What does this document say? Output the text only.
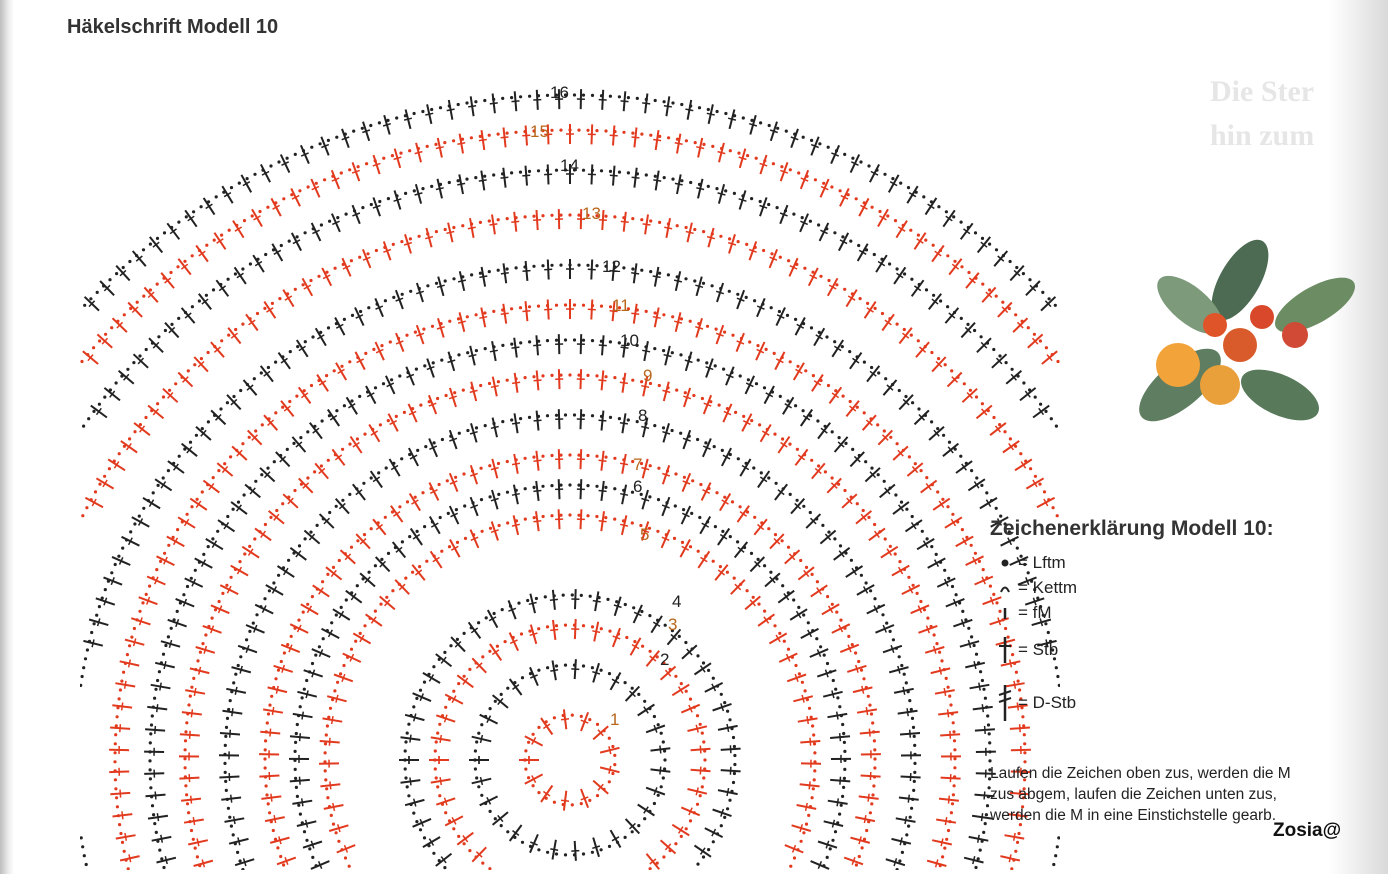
Die Ster
hin zum
Häkelschrift Modell 10
16
15
14
13
12
11
10
9
8
7
6
5
4
3
2
1
Zeichenerklärung Modell 10:
= Lftm
= Kettm
= fM
= Stb
= D-Stb
Laufen die Zeichen oben zus, werden die M
zus abgem, laufen die Zeichen unten zus,
werden die M in eine Einstichstelle gearb.
Zosia@
